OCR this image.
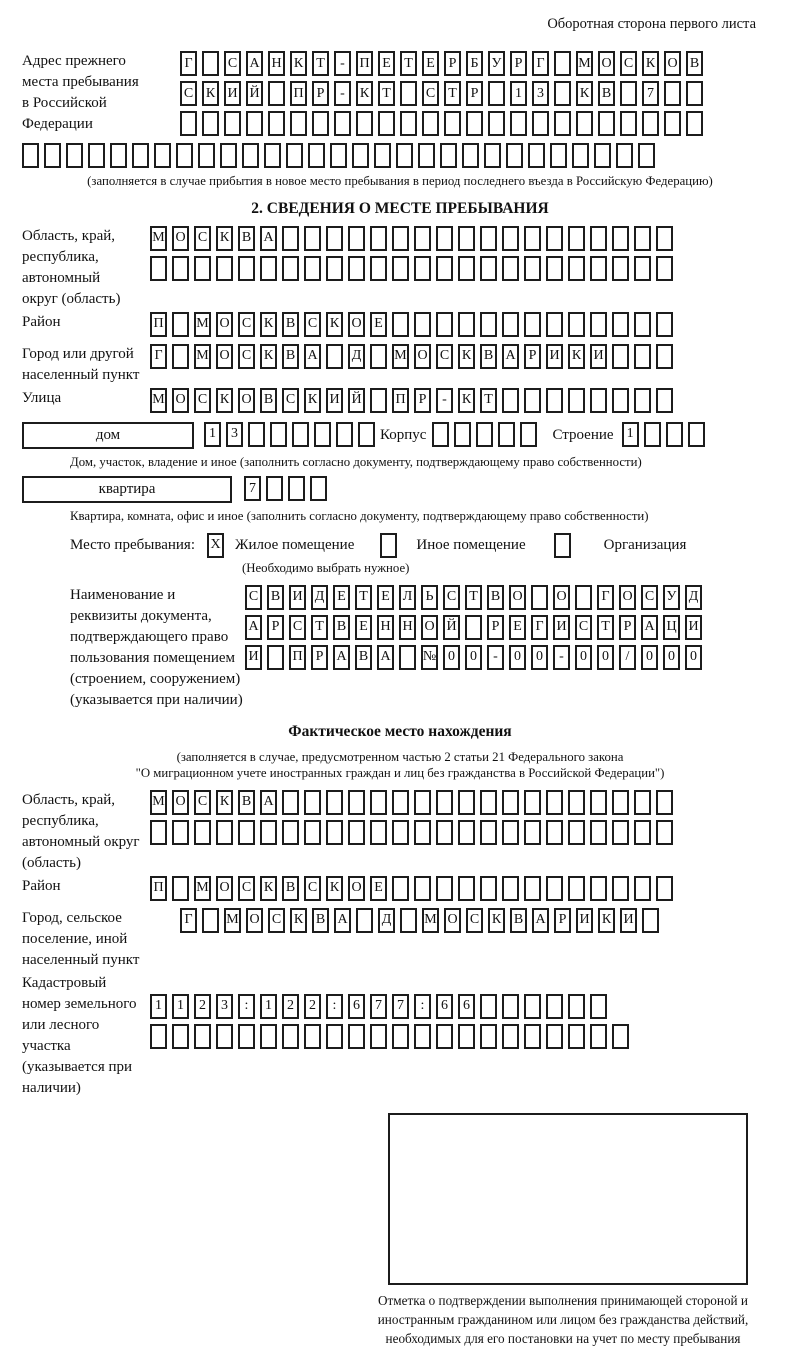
Оборотная сторона первого листа
Адрес прежнего места пребывания в Российской Федерации
Г	С А Н К Т	-	П Е Т Е Р	Б У Р	Г	М О С К О В
С К И Й П Р	-	К Т	С Т Р	1	3	К В	7
(заполняется в случае прибытия в новое место пребывания в период последнего въезда в Российскую Федерацию)
2. СВЕДЕНИЯ О МЕСТЕ ПРЕБЫВАНИЯ
Область, край, республика, автономный округ (область)
М О С К В А
Район	П М О С К В С К О Е
Город или другой населенный пункт
Г	М О С К В А Д М О С К В А Р И К И
Улица	М О С К О В С К И Й П Р	-	К Т
дом	1	3	Корпус	Строение 1
Дом, участок, владение и иное (заполнить согласно документу, подтверждающему право собственности)
квартира	7
Квартира, комната, офис и иное (заполнить согласно документу, подтверждающему право собственности)
Место пребывания: X Жилое помещение	Иное помещение	Организация
(Необходимо выбрать нужное)
Наименование и реквизиты документа, подтверждающего право пользования помещением (строением, сооружением) (указывается при наличии)
С В И Д Е Т Е Л Ь С Т В О О	Г О С У Д
А Р С Т В Е Н Н О Й	Р Е Г И С Т Р А Ц И
И П Р А В А № 0	0	-	0	0	-	0	0	/	0	0	0
Фактическое место нахождения
(заполняется в случае, предусмотренном частью 2 статьи 21 Федерального закона
"О миграционном учете иностранных граждан и лиц без гражданства в Российской Федерации")
Область, край, республика, автономный округ (область)
М О С К В А
Район	П М О С К В С К О Е
Город, сельское поселение, иной населенный пункт
Г	М О С К В А Д М О С К В А Р И К И
Кадастровый номер земельного или лесного участка (указывается при наличии)
1	1	2	3	:	1	2	2	:	6	7	7	:	6	6
Отметка о подтверждении выполнения принимающей стороной и иностранным гражданином или лицом без гражданства действий, необходимых для его постановки на учет по месту пребывания
